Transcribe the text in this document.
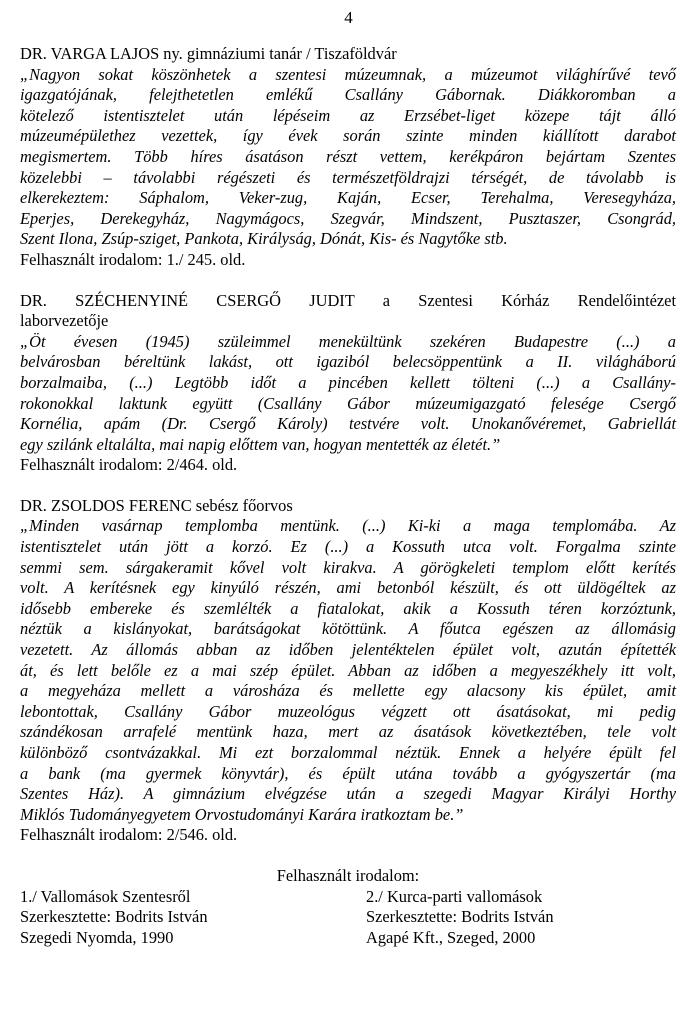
4
DR. VARGA LAJOS ny. gimnáziumi tanár / Tiszaföldvár
„Nagyon sokat köszönhetek a szentesi múzeumnak, a múzeumot világhírűvé tevő
igazgatójának, felejthetetlen emlékű Csallány Gábornak. Diákkoromban a
kötelező istentisztelet után lépéseim az Erzsébet-liget közepe tájt álló
múzeumépülethez vezettek, így évek során szinte minden kiállított darabot
megismertem. Több híres ásatáson részt vettem, kerékpáron bejártam Szentes
közelebbi – távolabbi régészeti és természetföldrajzi térségét, de távolabb is
elkerekeztem: Sáphalom, Veker-zug, Kaján, Ecser, Terehalma, Veresegyháza,
Eperjes, Derekegyház, Nagymágocs, Szegvár, Mindszent, Pusztaszer, Csongrád,
Szent Ilona, Zsúp-sziget, Pankota, Királyság, Dónát, Kis- és Nagytőke stb.
Felhasznált irodalom: 1./ 245. old.
DR. SZÉCHENYINÉ CSERGŐ JUDIT a Szentesi Kórház Rendelőintézet
laborvezetője
„Öt évesen (1945) szüleimmel menekültünk szekéren Budapestre (...) a
belvárosban béreltünk lakást, ott igaziból belecsöppentünk a II. világháború
borzalmaiba, (...) Legtöbb időt a pincében kellett tölteni (...) a Csallány-
rokonokkal laktunk együtt (Csallány Gábor múzeumigazgató felesége Csergő
Kornélia, apám (Dr. Csergő Károly) testvére volt. Unokanővéremet, Gabriellát
egy szilánk eltalálta, mai napig előttem van, hogyan mentették az életét.”
Felhasznált irodalom: 2/464. old.
DR. ZSOLDOS FERENC sebész főorvos
„Minden vasárnap templomba mentünk. (...) Ki-ki a maga templomába. Az
istentisztelet után jött a korzó. Ez (...) a Kossuth utca volt. Forgalma szinte
semmi sem. sárgakeramit kővel volt kirakva. A görögkeleti templom előtt kerítés
volt. A kerítésnek egy kinyúló részén, ami betonból készült, és ott üldögéltek az
idősebb embereke és szemlélték a fiatalokat, akik a Kossuth téren korzóztunk,
néztük a kislányokat, barátságokat kötöttünk. A főutca egészen az állomásig
vezetett. Az állomás abban az időben jelentéktelen épület volt, azután építették
át, és lett belőle ez a mai szép épület. Abban az időben a megyeszékhely itt volt,
a megyeháza mellett a városháza és mellette egy alacsony kis épület, amit
lebontottak, Csallány Gábor muzeológus végzett ott ásatásokat, mi pedig
szándékosan arrafelé mentünk haza, mert az ásatások következtében, tele volt
különböző csontvázakkal. Mi ezt borzalommal néztük. Ennek a helyére épült fel
a bank (ma gyermek könyvtár), és épült utána tovább a gyógyszertár (ma
Szentes Ház). A gimnázium elvégzése után a szegedi Magyar Királyi Horthy
Miklós Tudományegyetem Orvostudományi Karára iratkoztam be.”
Felhasznált irodalom: 2/546. old.
Felhasznált irodalom:
1./ Vallomások Szentesről
Szerkesztette: Bodrits István
Szegedi Nyomda, 1990
2./ Kurca-parti vallomások
Szerkesztette: Bodrits István
Agapé Kft., Szeged, 2000
